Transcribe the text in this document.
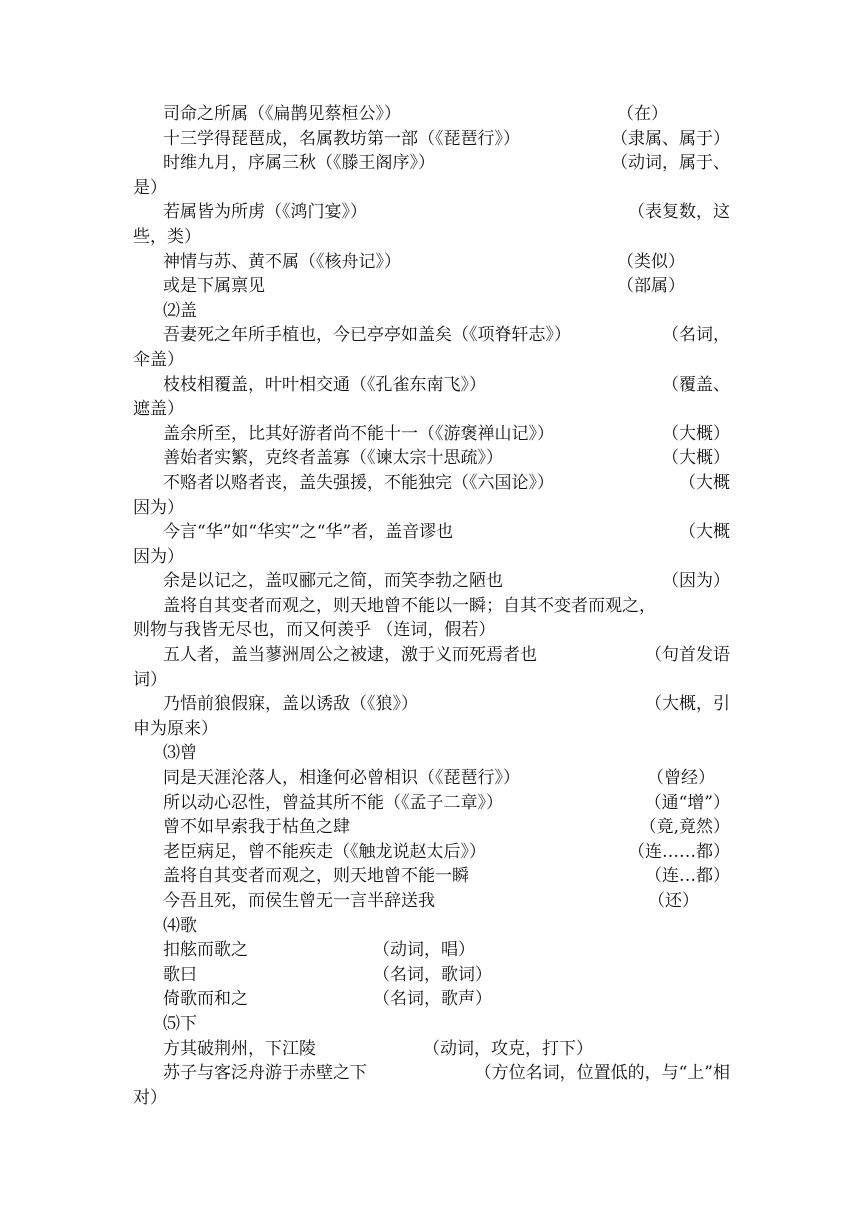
司命之所属（《扁鹊见蔡桓公》）	（在）
十三学得琵琶成，名属教坊第一部（《琵琶行》）	（隶属、属于）
时维九月，序属三秋（《滕王阁序》）	（动词，属于、
是）
若属皆为所虏（《鸿门宴》）	（表复数，这
些，类）
神情与苏、黄不属（《核舟记》）	（类似）
或是下属禀见	（部属）
⑵盖
吾妻死之年所手植也，今已亭亭如盖矣（《项脊轩志》）	（名词，
伞盖）
枝枝相覆盖，叶叶相交通（《孔雀东南飞》）	（覆盖、
遮盖）
盖余所至，比其好游者尚不能十一（《游褒禅山记》）	（大概）
善始者实繁，克终者盖寡（《谏太宗十思疏》）	（大概）
不赂者以赂者丧，盖失强援，不能独完（《六国论》）	（大概
因为）
今言“华”如“华实”之“华”者，盖音谬也	（大概
因为）
余是以记之，盖叹郦元之简，而笑李勃之陋也	（因为）
盖将自其变者而观之，则天地曾不能以一瞬；自其不变者而观之，
则物与我皆无尽也，而又何羡乎 （连词，假若）
五人者，盖当蓼洲周公之被逮，激于义而死焉者也	（句首发语
词）
乃悟前狼假寐，盖以诱敌（《狼》）	（大概，引
申为原来）
⑶曾
同是天涯沦落人，相逢何必曾相识（《琵琶行》）	（曾经）
所以动心忍性，曾益其所不能（《孟子二章》）	（通“增”）
曾不如早索我于枯鱼之肆	（竟,竟然）
老臣病足，曾不能疾走（《触龙说赵太后》）	（连……都）
盖将自其变者而观之，则天地曾不能一瞬	（连…都）
今吾且死，而侯生曾无一言半辞送我	（还）
⑷歌
扣舷而歌之	（动词，唱）
歌曰	（名词，歌词）
倚歌而和之	（名词，歌声）
⑸下
方其破荆州，下江陵	（动词，攻克，打下）
苏子与客泛舟游于赤壁之下	（方位名词，位置低的，与“上”相
对）
